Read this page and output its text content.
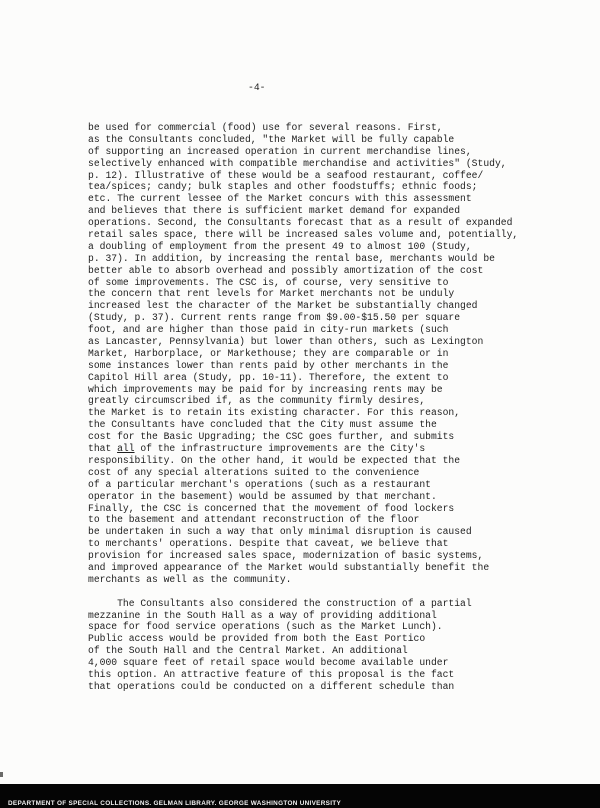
-4-
be used for commercial (food) use for several reasons. First,
as the Consultants concluded, "the Market will be fully capable
of supporting an increased operation in current merchandise lines,
selectively enhanced with compatible merchandise and activities" (Study,
p. 12). Illustrative of these would be a seafood restaurant, coffee/
tea/spices; candy; bulk staples and other foodstuffs; ethnic foods;
etc. The current lessee of the Market concurs with this assessment
and believes that there is sufficient market demand for expanded
operations. Second, the Consultants forecast that as a result of expanded
retail sales space, there will be increased sales volume and, potentially,
a doubling of employment from the present 49 to almost 100 (Study,
p. 37). In addition, by increasing the rental base, merchants would be
better able to absorb overhead and possibly amortization of the cost
of some improvements. The CSC is, of course, very sensitive to
the concern that rent levels for Market merchants not be unduly
increased lest the character of the Market be substantially changed
(Study, p. 37). Current rents range from $9.00-$15.50 per square
foot, and are higher than those paid in city-run markets (such
as Lancaster, Pennsylvania) but lower than others, such as Lexington
Market, Harborplace, or Markethouse; they are comparable or in
some instances lower than rents paid by other merchants in the
Capitol Hill area (Study, pp. 10-11). Therefore, the extent to
which improvements may be paid for by increasing rents may be
greatly circumscribed if, as the community firmly desires,
the Market is to retain its existing character. For this reason,
the Consultants have concluded that the City must assume the
cost for the Basic Upgrading; the CSC goes further, and submits
that all of the infrastructure improvements are the City's
responsibility. On the other hand, it would be expected that the
cost of any special alterations suited to the convenience
of a particular merchant's operations (such as a restaurant
operator in the basement) would be assumed by that merchant.
Finally, the CSC is concerned that the movement of food lockers
to the basement and attendant reconstruction of the floor
be undertaken in such a way that only minimal disruption is caused
to merchants' operations. Despite that caveat, we believe that
provision for increased sales space, modernization of basic systems,
and improved appearance of the Market would substantially benefit the
merchants as well as the community.
The Consultants also considered the construction of a partial
mezzanine in the South Hall as a way of providing additional
space for food service operations (such as the Market Lunch).
Public access would be provided from both the East Portico
of the South Hall and the Central Market. An additional
4,000 square feet of retail space would become available under
this option. An attractive feature of this proposal is the fact
that operations could be conducted on a different schedule than
DEPARTMENT OF SPECIAL COLLECTIONS. GELMAN LIBRARY. GEORGE WASHINGTON UNIVERSITY
